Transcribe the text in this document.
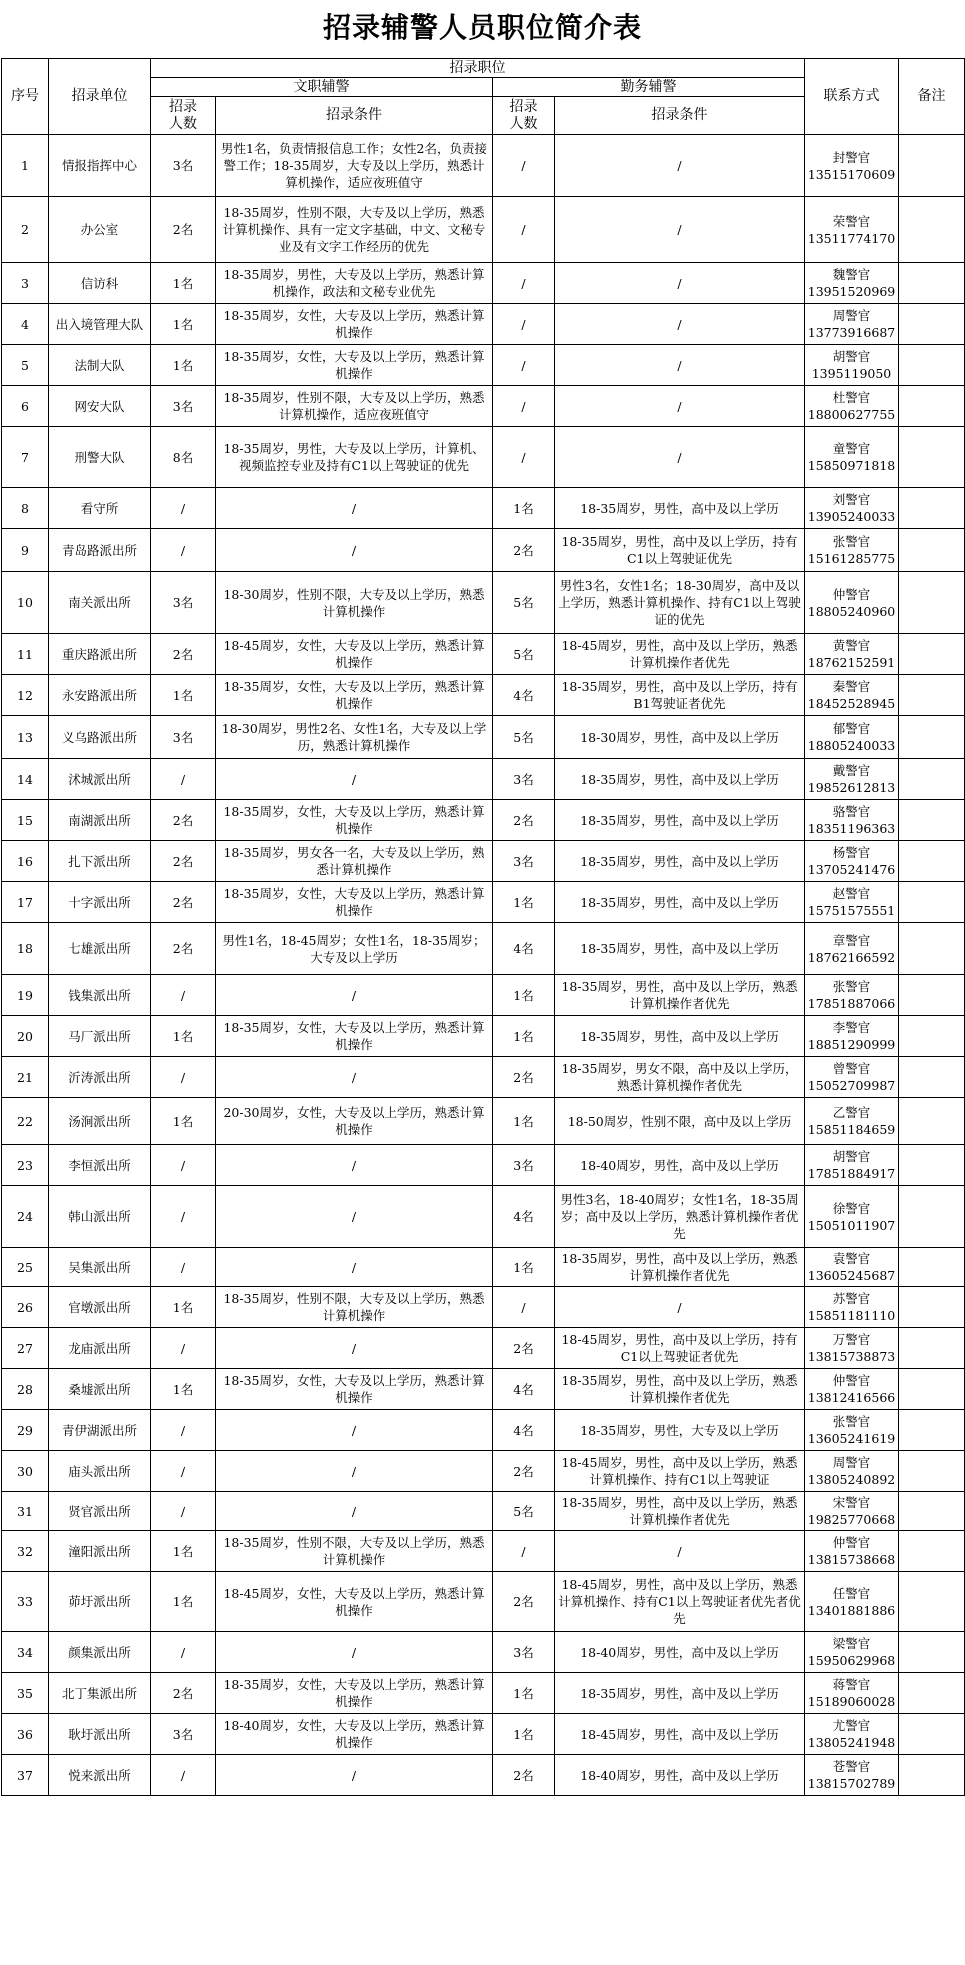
招录辅警人员职位简介表
序号	招录单位	招录职位				联系方式	备注
		文职辅警		勤务辅警			
		招录人数	招录条件	招录人数	招录条件		
1	情报指挥中心	3名	男性1名，负责情报信息工作；女性2名，负责接警工作；18-35周岁，大专及以上学历，熟悉计算机操作，适应夜班值守	/	/	封警官
13515170609	
2	办公室	2名	18-35周岁，性别不限，大专及以上学历，熟悉计算机操作、具有一定文字基础，中文、文秘专业及有文字工作经历的优先	/	/	荣警官
13511774170	
3	信访科	1名	18-35周岁，男性，大专及以上学历，熟悉计算机操作，政法和文秘专业优先	/	/	魏警官
13951520969	
4	出入境管理大队	1名	18-35周岁，女性，大专及以上学历，熟悉计算机操作	/	/	周警官
13773916687	
5	法制大队	1名	18-35周岁，女性，大专及以上学历，熟悉计算机操作	/	/	胡警官
1395119050	
6	网安大队	3名	18-35周岁，性别不限，大专及以上学历，熟悉计算机操作，适应夜班值守	/	/	杜警官
18800627755	
7	刑警大队	8名	18-35周岁，男性，大专及以上学历，计算机、视频监控专业及持有C1以上驾驶证的优先	/	/	童警官
15850971818	
8	看守所	/	/	1名	18-35周岁，男性，高中及以上学历	刘警官
13905240033	
9	青岛路派出所	/	/	2名	18-35周岁，男性，高中及以上学历，持有C1以上驾驶证优先	张警官
15161285775	
10	南关派出所	3名	18-30周岁，性别不限，大专及以上学历，熟悉计算机操作	5名	男性3名，女性1名；18-30周岁，高中及以上学历，熟悉计算机操作、持有C1以上驾驶证的优先	仲警官
18805240960	
11	重庆路派出所	2名	18-45周岁，女性，大专及以上学历，熟悉计算机操作	5名	18-45周岁，男性，高中及以上学历，熟悉计算机操作者优先	黄警官
18762152591	
12	永安路派出所	1名	18-35周岁，女性，大专及以上学历，熟悉计算机操作	4名	18-35周岁，男性，高中及以上学历，持有B1驾驶证者优先	秦警官
18452528945	
13	义乌路派出所	3名	18-30周岁，男性2名、女性1名，大专及以上学历，熟悉计算机操作	5名	18-30周岁，男性，高中及以上学历	郁警官
18805240033	
14	沭城派出所	/	/	3名	18-35周岁，男性，高中及以上学历	戴警官
19852612813	
15	南湖派出所	2名	18-35周岁，女性，大专及以上学历，熟悉计算机操作	2名	18-35周岁，男性，高中及以上学历	骆警官
18351196363	
16	扎下派出所	2名	18-35周岁，男女各一名，大专及以上学历，熟悉计算机操作	3名	18-35周岁，男性，高中及以上学历	杨警官
13705241476	
17	十字派出所	2名	18-35周岁，女性，大专及以上学历，熟悉计算机操作	1名	18-35周岁，男性，高中及以上学历	赵警官
15751575551	
18	七雄派出所	2名	男性1名，18-45周岁；女性1名，18-35周岁；大专及以上学历	4名	18-35周岁，男性，高中及以上学历	章警官
18762166592	
19	钱集派出所	/	/	1名	18-35周岁，男性，高中及以上学历，熟悉计算机操作者优先	张警官
17851887066	
20	马厂派出所	1名	18-35周岁，女性，大专及以上学历，熟悉计算机操作	1名	18-35周岁，男性，高中及以上学历	李警官
18851290999	
21	沂涛派出所	/	/	2名	18-35周岁，男女不限，高中及以上学历，熟悉计算机操作者优先	曾警官
15052709987	
22	汤涧派出所	1名	20-30周岁，女性，大专及以上学历，熟悉计算机操作	1名	18-50周岁，性别不限，高中及以上学历	乙警官
15851184659	
23	李恒派出所	/	/	3名	18-40周岁，男性，高中及以上学历	胡警官
17851884917	
24	韩山派出所	/	/	4名	男性3名，18-40周岁；女性1名，18-35周岁；高中及以上学历，熟悉计算机操作者优先	徐警官
15051011907	
25	吴集派出所	/	/	1名	18-35周岁，男性，高中及以上学历，熟悉计算机操作者优先	袁警官
13605245687	
26	官墩派出所	1名	18-35周岁，性别不限，大专及以上学历，熟悉计算机操作	/	/	苏警官
15851181110	
27	龙庙派出所	/	/	2名	18-45周岁，男性，高中及以上学历，持有C1以上驾驶证者优先	万警官
13815738873	
28	桑墟派出所	1名	18-35周岁，女性，大专及以上学历，熟悉计算机操作	4名	18-35周岁，男性，高中及以上学历，熟悉计算机操作者优先	仲警官
13812416566	
29	青伊湖派出所	/	/	4名	18-35周岁，男性，大专及以上学历	张警官
13605241619	
30	庙头派出所	/	/	2名	18-45周岁，男性，高中及以上学历，熟悉计算机操作、持有C1以上驾驶证	周警官
13805240892	
31	贤官派出所	/	/	5名	18-35周岁，男性，高中及以上学历，熟悉计算机操作者优先	宋警官
19825770668	
32	潼阳派出所	1名	18-35周岁，性别不限，大专及以上学历，熟悉计算机操作	/	/	仲警官
13815738668	
33	茆圩派出所	1名	18-45周岁，女性，大专及以上学历，熟悉计算机操作	2名	18-45周岁，男性，高中及以上学历，熟悉计算机操作、持有C1以上驾驶证者优先者优先	任警官
13401881886	
34	颜集派出所	/	/	3名	18-40周岁，男性，高中及以上学历	梁警官
15950629968	
35	北丁集派出所	2名	18-35周岁，女性，大专及以上学历，熟悉计算机操作	1名	18-35周岁，男性，高中及以上学历	蒋警官
15189060028	
36	耿圩派出所	3名	18-40周岁，女性，大专及以上学历，熟悉计算机操作	1名	18-45周岁，男性，高中及以上学历	尤警官
13805241948	
37	悦来派出所	/	/	2名	18-40周岁，男性，高中及以上学历	苍警官
13815702789	
